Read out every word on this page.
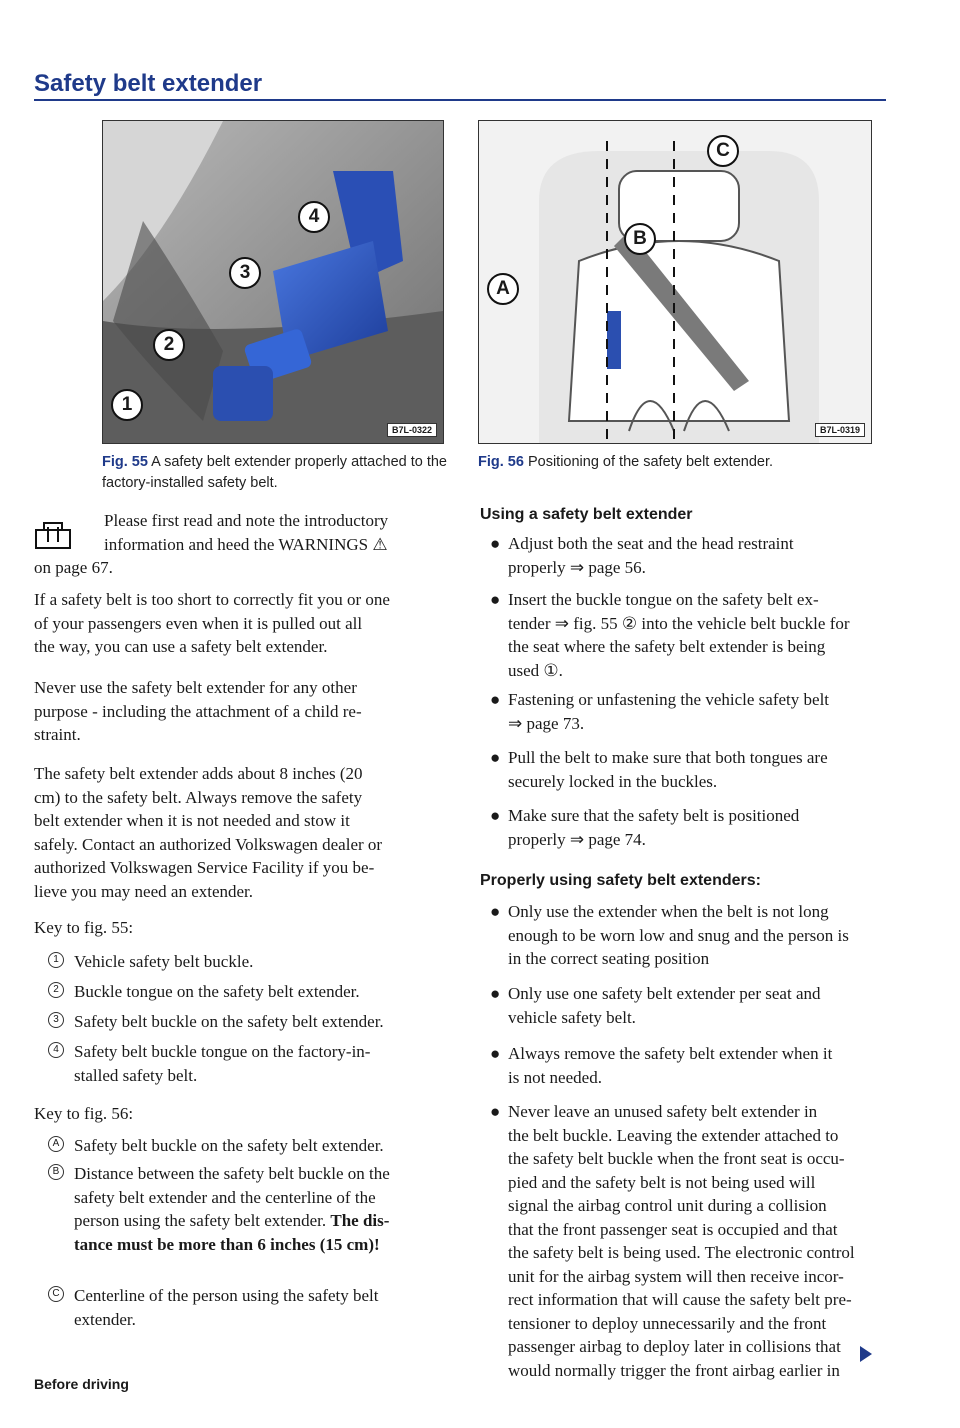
Safety belt extender
4
3
2
1
B7L-0322
Fig. 55 A safety belt extender properly attached to the factory-installed safety belt.
C
B
A
B7L-0319
Fig. 56 Positioning of the safety belt extender.

Please first read and note the introductory

information and heed the WARNINGS ⚠

on page 67.

If a safety belt is too short to correctly fit you or one

of your passengers even when it is pulled out all

the way, you can use a safety belt extender.

Never use the safety belt extender for any other

purpose - including the attachment of a child re-

straint.

The safety belt extender adds about 8 inches (20

cm) to the safety belt. Always remove the safety

belt extender when it is not needed and stow it

safely. Contact an authorized Volkswagen dealer or

authorized Volkswagen Service Facility if you be-

lieve you may need an extender.

Key to fig. 55:
1 Vehicle safety belt buckle.
2 Buckle tongue on the safety belt extender.
3 Safety belt buckle on the safety belt extender.
4 Safety belt buckle tongue on the factory-in-
stalled safety belt.
Key to fig. 56:
A Safety belt buckle on the safety belt extender.
B Distance between the safety belt buckle on the
safety belt extender and the centerline of the
person using the safety belt extender. The dis-
tance must be more than 6 inches (15 cm)!
C Centerline of the person using the safety belt
extender.
Using a safety belt extender
● Adjust both the seat and the head restraint
properly ⇒ page 56.
● Insert the buckle tongue on the safety belt ex-
tender ⇒ fig. 55 ② into the vehicle belt buckle for
the seat where the safety belt extender is being
used ①.
● Fastening or unfastening the vehicle safety belt
⇒ page 73.
● Pull the belt to make sure that both tongues are
securely locked in the buckles.
● Make sure that the safety belt is positioned
properly ⇒ page 74.
Properly using safety belt extenders:
● Only use the extender when the belt is not long
enough to be worn low and snug and the person is
in the correct seating position
● Only use one safety belt extender per seat and
vehicle safety belt.
● Always remove the safety belt extender when it
is not needed.
● Never leave an unused safety belt extender in
the belt buckle. Leaving the extender attached to
the safety belt buckle when the front seat is occu-
pied and the safety belt is not being used will
signal the airbag control unit during a collision
that the front passenger seat is occupied and that
the safety belt is being used. The electronic control
unit for the airbag system will then receive incor-
rect information that will cause the safety belt pre-
tensioner to deploy unnecessarily and the front
passenger airbag to deploy later in collisions that
would normally trigger the front airbag earlier in
Before driving
